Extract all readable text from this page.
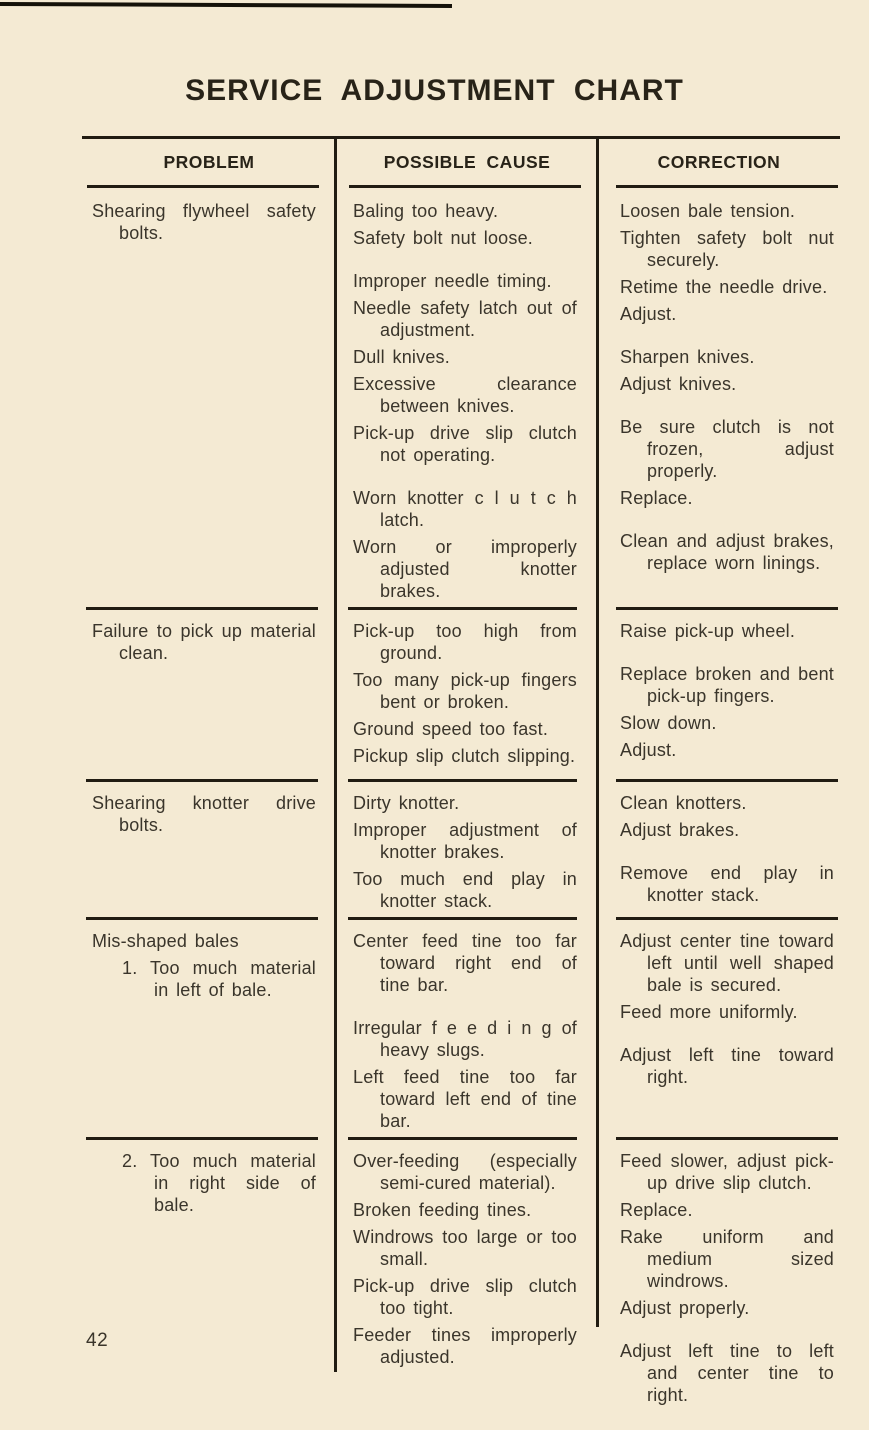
SERVICE ADJUSTMENT CHART
PROBLEM	POSSIBLE CAUSE	CORRECTION

Shearing flywheel safety bolts.

Baling too heavy.

Safety bolt nut loose.

Improper needle timing.

Needle safety latch out of adjustment.

Dull knives.

Excessive clearance between knives.

Pick-up drive slip clutch not operating.

Worn knotter c l u t c h latch.

Worn or improperly adjusted knotter brakes.

Loosen bale tension.

Tighten safety bolt nut securely.

Retime the needle drive.

Adjust.

Sharpen knives.

Adjust knives.

Be sure clutch is not frozen, adjust properly.

Replace.

Clean and adjust brakes, replace worn linings.

Failure to pick up material clean.

Pick-up too high from ground.

Too many pick-up fingers bent or broken.

Ground speed too fast.

Pickup slip clutch slipping.

Raise pick-up wheel.

Replace broken and bent pick-up fingers.

Slow down.

Adjust.

Shearing knotter drive bolts.

Dirty knotter.

Improper adjustment of knotter brakes.

Too much end play in knotter stack.

Clean knotters.

Adjust brakes.

Remove end play in knotter stack.

Mis-shaped bales

1. Too much material in left of bale.

Center feed tine too far toward right end of tine bar.

Irregular f e e d i n g of heavy slugs.

Left feed tine too far toward left end of tine bar.

Adjust center tine toward left until well shaped bale is secured.

Feed more uniformly.

Adjust left tine toward right.

2. Too much material in right side of bale.

Over-feeding (especially semi-cured material).

Broken feeding tines.

Windrows too large or too small.

Pick-up drive slip clutch too tight.

Feeder tines improperly adjusted.

Feed slower, adjust pick-up drive slip clutch.

Replace.

Rake uniform and medium sized windrows.

Adjust properly.

Adjust left tine to left and center tine to right.

42
